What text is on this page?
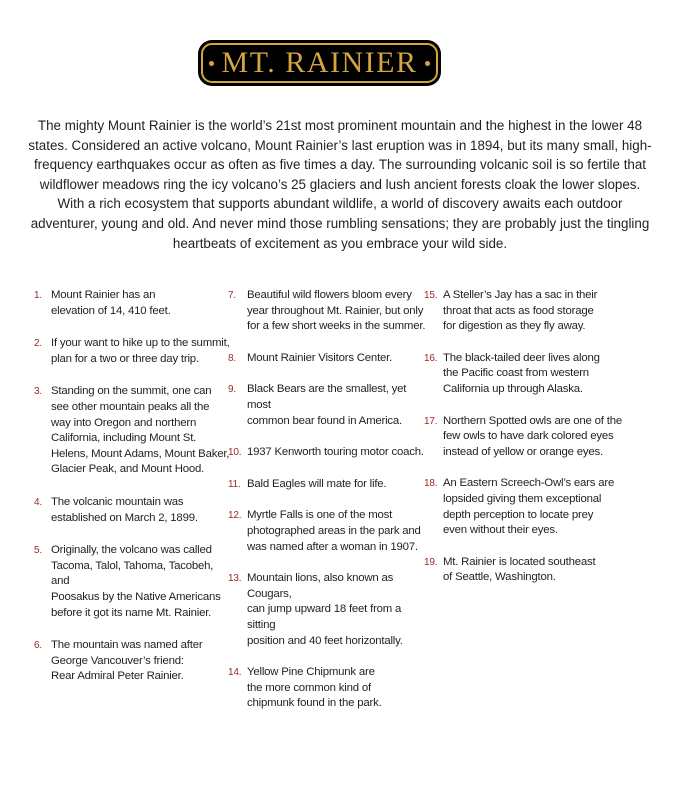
MT. RAINIER

The mighty Mount Rainier is the world’s 21st most prominent mountain and the highest in the lower 48 states. Considered an active volcano, Mount Rainier’s last eruption was in 1894, but its many small, high-frequency earthquakes occur as often as five times a day. The surrounding volcanic soil is so fertile that wildflower meadows ring the icy volcano’s 25 glaciers and lush ancient forests cloak the lower slopes. With a rich ecosystem that supports abundant wildlife, a world of discovery awaits each outdoor adventurer, young and old. And never mind those rumbling sensations; they are probably just the tingling heartbeats of excitement as you embrace your wild side.

1. Mount Rainier has an
elevation of 14, 410 feet.
2. If your want to hike up to the summit,
plan for a two or three day trip.
3. Standing on the summit, one can
see other mountain peaks all the
way into Oregon and northern
California, including Mount St.
Helens, Mount Adams, Mount Baker,
Glacier Peak, and Mount Hood.
4. The volcanic mountain was
established on March 2, 1899.
5. Originally, the volcano was called
Tacoma, Talol, Tahoma, Tacobeh, and
Poosakus by the Native Americans
before it got its name Mt. Rainier.
6. The mountain was named after
George Vancouver’s friend:
Rear Admiral Peter Rainier.
7. Beautiful wild flowers bloom every
year throughout Mt. Rainier, but only
for a few short weeks in the summer.
8. Mount Rainier Visitors Center.
9. Black Bears are the smallest, yet most
common bear found in America.
10. 1937 Kenworth touring motor coach.
11. Bald Eagles will mate for life.
12. Myrtle Falls is one of the most
photographed areas in the park and
was named after a woman in 1907.
13. Mountain lions, also known as Cougars,
can jump upward 18 feet from a sitting
position and 40 feet horizontally.
14. Yellow Pine Chipmunk are
the more common kind of
chipmunk found in the park.
15. A Steller’s Jay has a sac in their
throat that acts as food storage
for digestion as they fly away.
16. The black-tailed deer lives along
the Pacific coast from western
California up through Alaska.
17. Northern Spotted owls are one of the
few owls to have dark colored eyes
instead of yellow or orange eyes.
18. An Eastern Screech-Owl’s ears are
lopsided giving them exceptional
depth perception to locate prey
even without their eyes.
19. Mt. Rainier is located southeast
of Seattle, Washington.
